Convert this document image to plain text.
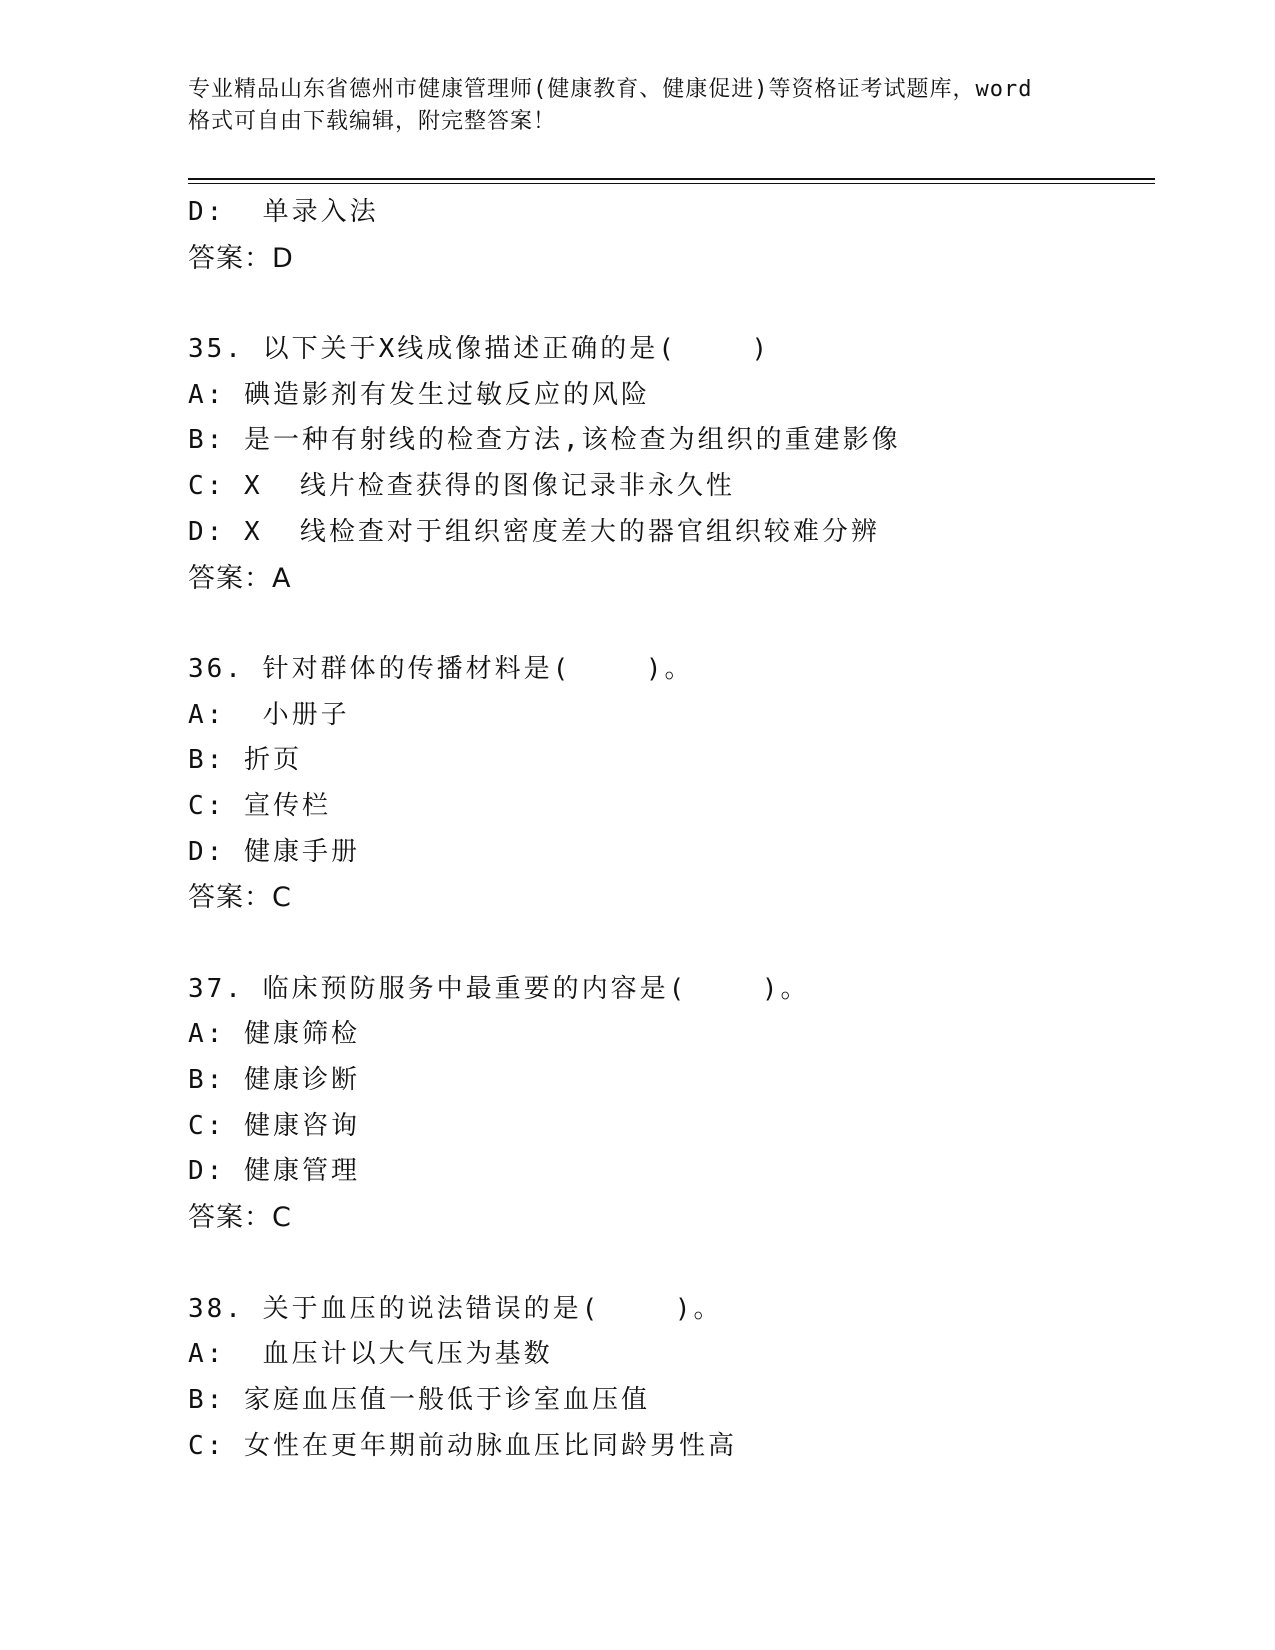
专业精品山东省德州市健康管理师(健康教育、健康促进)等资格证考试题库，word
格式可自由下载编辑，附完整答案！
D:  单录入法
答案：D
35. 以下关于X线成像描述正确的是(    )
A: 碘造影剂有发生过敏反应的风险
B: 是一种有射线的检查方法,该检查为组织的重建影像
C: X  线片检查获得的图像记录非永久性
D: X  线检查对于组织密度差大的器官组织较难分辨
答案：A
36. 针对群体的传播材料是(    )。
A:  小册子
B: 折页
C: 宣传栏
D: 健康手册
答案：C
37. 临床预防服务中最重要的内容是(    )。
A: 健康筛检
B: 健康诊断
C: 健康咨询
D: 健康管理
答案：C
38. 关于血压的说法错误的是(    )。
A:  血压计以大气压为基数
B: 家庭血压值一般低于诊室血压值
C: 女性在更年期前动脉血压比同龄男性高
